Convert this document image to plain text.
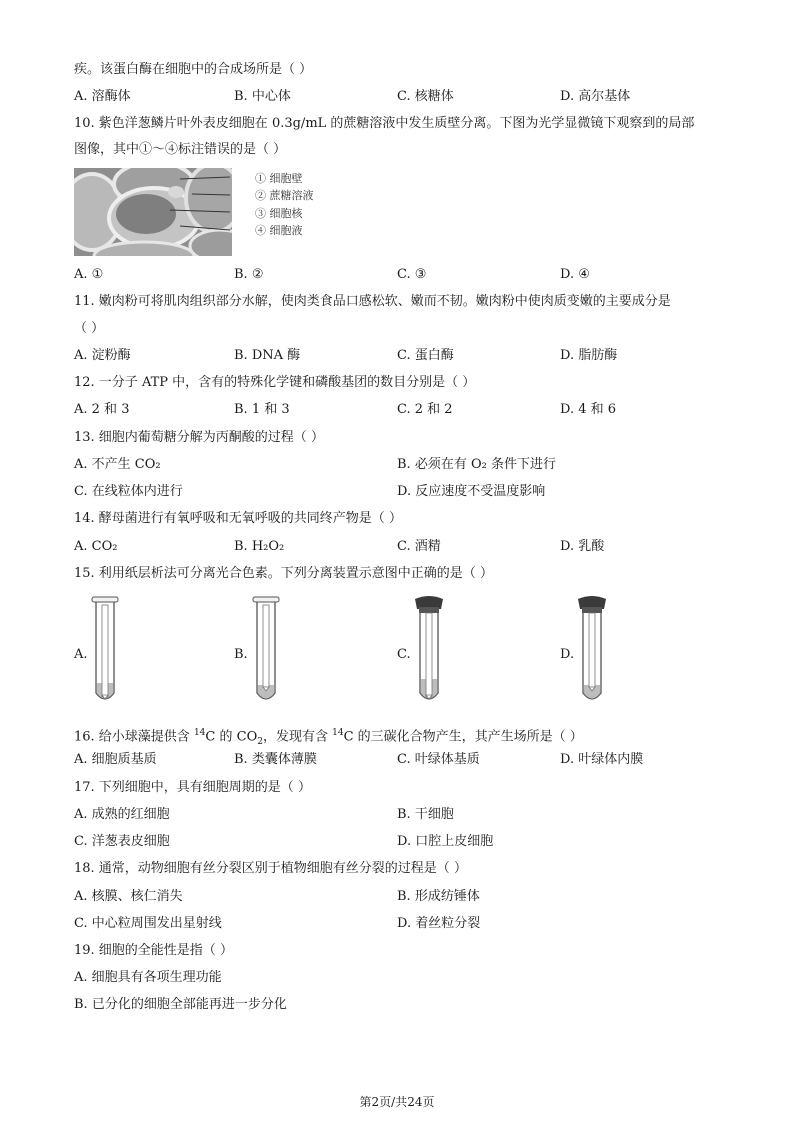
疾。该蛋白酶在细胞中的合成场所是（ ）
A. 溶酶体	B. 中心体	C. 核糖体	D. 高尔基体
10. 紫色洋葱鳞片叶外表皮细胞在 0.3g/mL 的蔗糖溶液中发生质壁分离。下图为光学显微镜下观察到的局部
图像，其中①～④标注错误的是（ ）
① 细胞壁
② 蔗糖溶液
③ 细胞核
④ 细胞液
A. ①	B. ②	C. ③	D. ④
11. 嫩肉粉可将肌肉组织部分水解，使肉类食品口感松软、嫩而不韧。嫩肉粉中使肉质变嫩的主要成分是
（ ）
A. 淀粉酶	B. DNA 酶	C. 蛋白酶	D. 脂肪酶
12. 一分子 ATP 中，含有的特殊化学键和磷酸基团的数目分别是（ ）
A. 2 和 3	B. 1 和 3	C. 2 和 2	D. 4 和 6
13. 细胞内葡萄糖分解为丙酮酸的过程（ ）
A. 不产生 CO₂	B. 必须在有 O₂ 条件下进行
C. 在线粒体内进行	D. 反应速度不受温度影响
14. 酵母菌进行有氧呼吸和无氧呼吸的共同终产物是（ ）
A. CO₂	B. H₂O₂	C. 酒精	D. 乳酸
15. 利用纸层析法可分离光合色素。下列分离装置示意图中正确的是（ ）
A.	B.	C.	D.
16. 给小球藻提供含 $^{14}$C 的 $CO_2$，发现有含 $^{14}$C 的三碳化合物产生，其产生场所是（ ）
A. 细胞质基质	B. 类囊体薄膜	C. 叶绿体基质	D. 叶绿体内膜
17. 下列细胞中，具有细胞周期的是（ ）
A. 成熟的红细胞	B. 干细胞
C. 洋葱表皮细胞	D. 口腔上皮细胞
18. 通常，动物细胞有丝分裂区别于植物细胞有丝分裂的过程是（ ）
A. 核膜、核仁消失	B. 形成纺锤体
C. 中心粒周围发出星射线	D. 着丝粒分裂
19. 细胞的全能性是指（ ）
A. 细胞具有各项生理功能
B. 已分化的细胞全部能再进一步分化
第2页/共24页
